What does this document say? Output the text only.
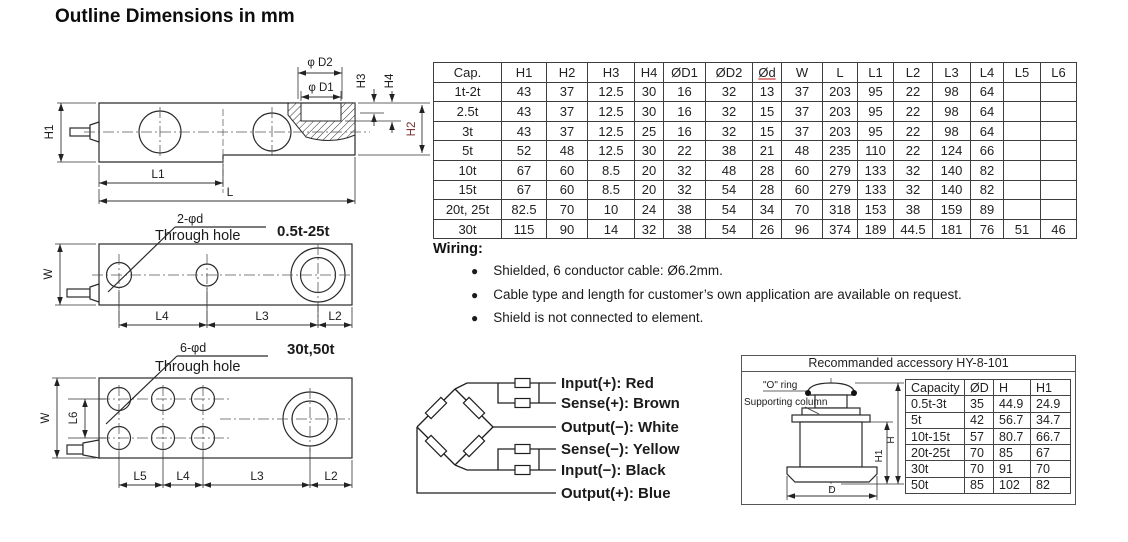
Outline Dimensions in mm
H1
φ D2
φ D1 H3 H4
H2
L1
L
2-φd
Through hole 0.5t-25t
W
L4	L3	L2
6-φd
Through hole
30t,50t
W L6
L5 L4	L3	L2
Cap.	H1	H2	H3	H4	ØD1	ØD2	Ød	W	L	L1	L2	L3	L4	L5	L6
1t-2t	43	37	12.5	30	16	32	13	37	203	95	22	98	64		
2.5t	43	37	12.5	30	16	32	15	37	203	95	22	98	64		
3t	43	37	12.5	25	16	32	15	37	203	95	22	98	64		
5t	52	48	12.5	30	22	38	21	48	235	110	22	124	66		
10t	67	60	8.5	20	32	48	28	60	279	133	32	140	82		
15t	67	60	8.5	20	32	54	28	60	279	133	32	140	82		
20t, 25t	82.5	70	10	24	38	54	34	70	318	153	38	159	89		
30t	115	90	14	32	38	54	26	96	374	189	44.5	181	76	51	46
Wiring:
● Shielded, 6 conductor cable: Ø6.2mm.
● Cable type and length for customer’s own application are available on request.
● Shield is not connected to element.
Input(+): Red
Sense(+): Brown
Output(−): White
Sense(−): Yellow
Input(−): Black
Output(+): Blue
Recommanded accessory HY-8-101
"O" ring
Supporting column
H1
H
D
Capacity	ØD	H	H1
0.5t-3t	35	44.9	24.9
5t	42	56.7	34.7
10t-15t	57	80.7	66.7
20t-25t	70	85	67
30t	70	91	70
50t	85	102	82
